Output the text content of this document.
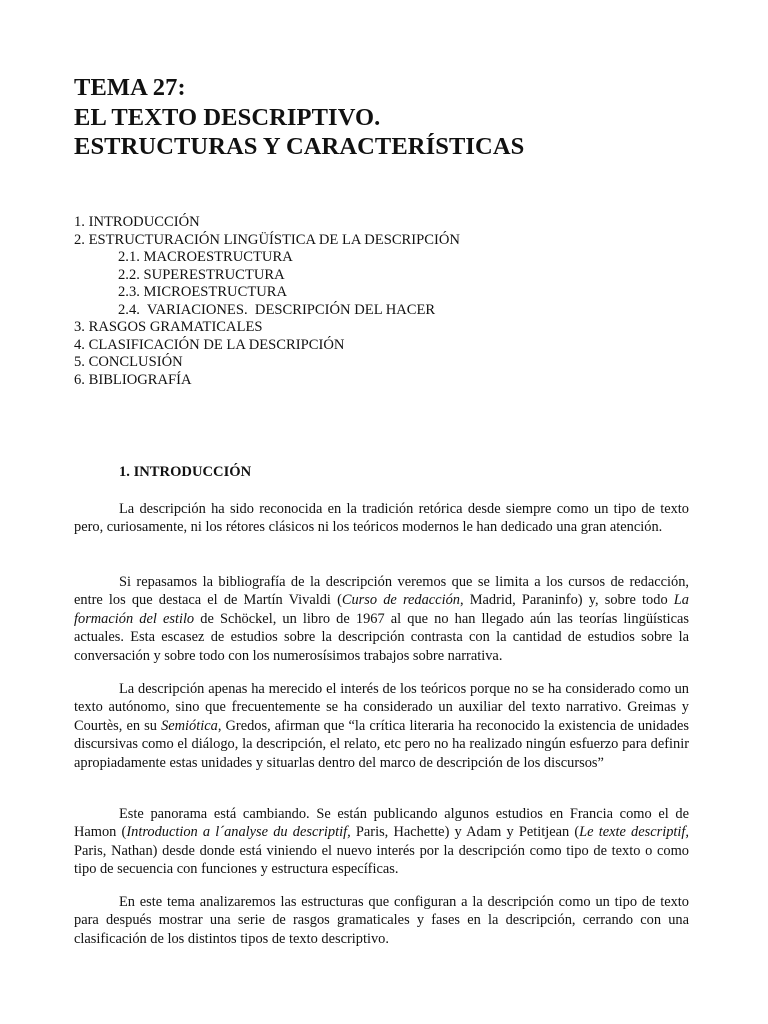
TEMA 27:
EL TEXTO DESCRIPTIVO.
ESTRUCTURAS Y CARACTERÍSTICAS
1. INTRODUCCIÓN
2. ESTRUCTURACIÓN LINGÜÍSTICA DE LA DESCRIPCIÓN
2.1. MACROESTRUCTURA
2.2. SUPERESTRUCTURA
2.3. MICROESTRUCTURA
2.4.  VARIACIONES.  DESCRIPCIÓN DEL HACER
3. RASGOS GRAMATICALES
4. CLASIFICACIÓN DE LA DESCRIPCIÓN
5. CONCLUSIÓN
6. BIBLIOGRAFÍA
1. INTRODUCCIÓN

La descripción ha sido reconocida en la tradición retórica desde siempre como un tipo de texto pero, curiosamente, ni los rétores clásicos ni los teóricos modernos le han dedicado una gran atención.

Si repasamos la bibliografía de la descripción veremos que se limita a los cursos de redacción, entre los que destaca el de Martín Vivaldi (Curso de redacción, Madrid, Paraninfo) y, sobre todo La formación del estilo de Schöckel, un libro de 1967 al que no han llegado aún las teorías lingüísticas actuales. Esta escasez de estudios sobre la descripción contrasta con la cantidad de estudios sobre la conversación y sobre todo con los numerosísimos trabajos sobre narrativa.

La descripción apenas ha merecido el interés de los teóricos porque no se ha considerado como un texto autónomo, sino que frecuentemente se ha considerado un auxiliar del texto narrativo. Greimas y Courtès, en su Semiótica, Gredos, afirman que “la crítica literaria ha reconocido la existencia de unidades discursivas como el diálogo, la descripción, el relato, etc pero no ha realizado ningún esfuerzo para definir apropiadamente estas unidades y situarlas dentro del marco de descripción de los discursos”

Este panorama está cambiando. Se están publicando algunos estudios en Francia como el de Hamon (Introduction a l´analyse du descriptif, Paris, Hachette) y Adam y Petitjean (Le texte descriptif, Paris, Nathan) desde donde está viniendo el nuevo interés por la descripción como tipo de texto o como tipo de secuencia con funciones y estructura específicas.

En este tema analizaremos las estructuras que configuran a la descripción como un tipo de texto para después mostrar una serie de rasgos gramaticales y fases en la descripción, cerrando con una clasificación de los distintos tipos de texto descriptivo.
